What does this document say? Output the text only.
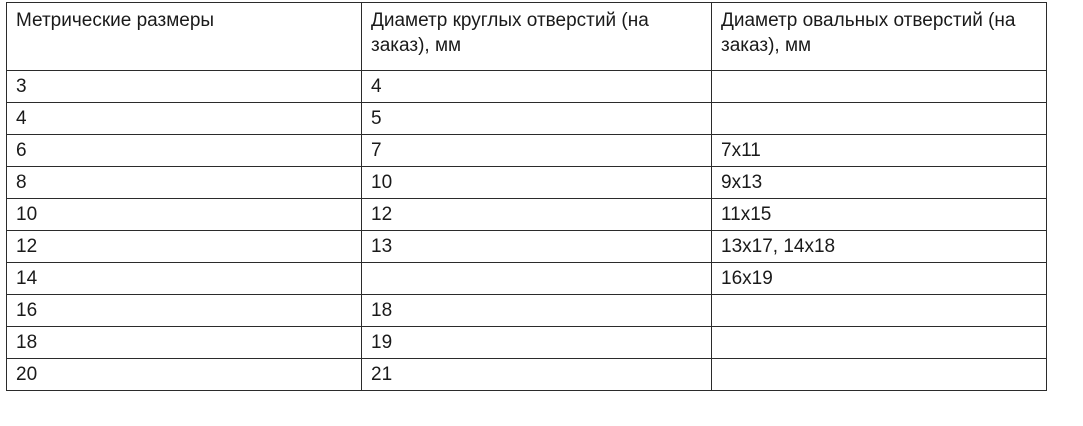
Метрические размеры	Диаметр круглых отверстий (на заказ), мм	Диаметр овальных отверстий (на заказ), мм
3	4	
4	5	
6	7	7x11
8	10	9x13
10	12	11x15
12	13	13x17, 14x18
14		16x19
16	18	
18	19	
20	21	
